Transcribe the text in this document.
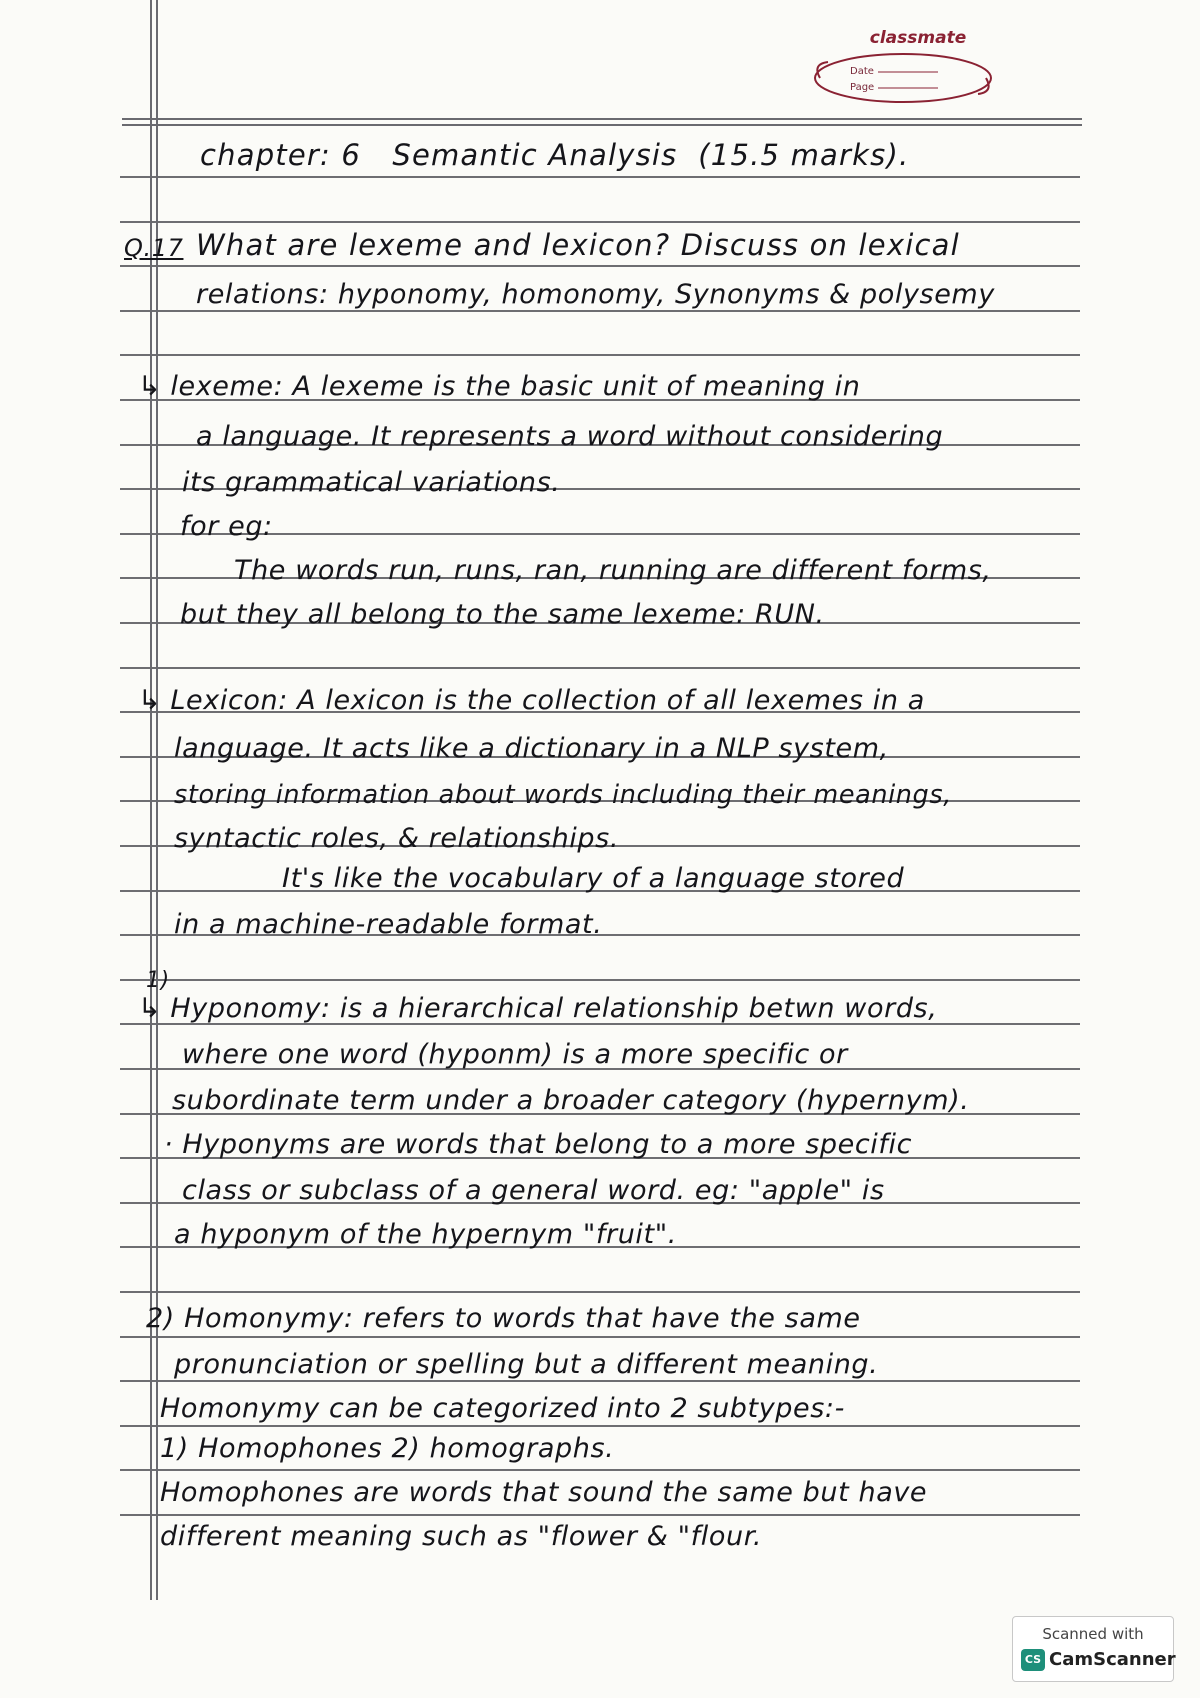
classmate
Date
Page
chapter: 6   Semantic Analysis  (15.5 marks).
Q.17 What are lexeme and lexicon? Discuss on lexical
relations: hyponomy, homonomy, Synonyms & polysemy
↳ lexeme: A lexeme is the basic unit of meaning in
a language. It represents a word without considering
its grammatical variations.
for eg:
The words run, runs, ran, running are different forms,
but they all belong to the same lexeme: RUN.
↳ Lexicon: A lexicon is the collection of all lexemes in a
language. It acts like a dictionary in a NLP system,
storing information about words including their meanings,
syntactic roles, & relationships.
It's like the vocabulary of a language stored
in a machine-readable format.
1)
↳ Hyponomy: is a hierarchical relationship betwn words,
where one word (hyponm) is a more specific or
subordinate term under a broader category (hypernym).
· Hyponyms are words that belong to a more specific
class or subclass of a general word. eg: "apple" is
a hyponym of the hypernym "fruit".
2) Homonymy: refers to words that have the same
pronunciation or spelling but a different meaning.
Homonymy can be categorized into 2 subtypes:-
1) Homophones 2) homographs.
Homophones are words that sound the same but have
different meaning such as "flower & "flour.
Scanned with
CS CamScanner
